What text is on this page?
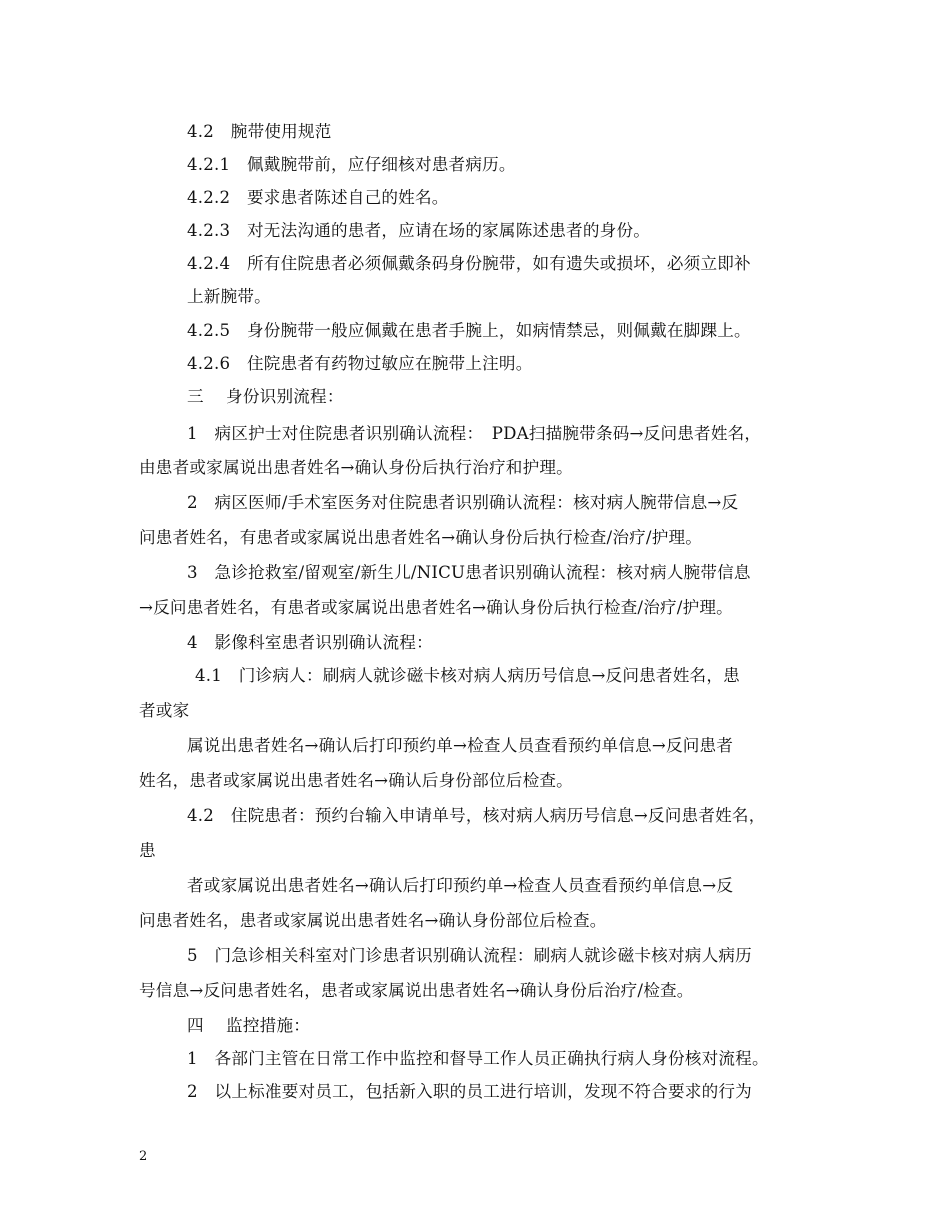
4.2　腕带使用规范
4.2.1　佩戴腕带前，应仔细核对患者病历。
4.2.2　要求患者陈述自己的姓名。
4.2.3　对无法沟通的患者，应请在场的家属陈述患者的身份。
4.2.4　所有住院患者必须佩戴条码身份腕带，如有遗失或损坏，必须立即补
上新腕带。
4.2.5　身份腕带一般应佩戴在患者手腕上，如病情禁忌，则佩戴在脚踝上。
4.2.6　住院患者有药物过敏应在腕带上注明。
三　 身份识别流程：
1　病区护士对住院患者识别确认流程：　PDA扫描腕带条码→反问患者姓名，
由患者或家属说出患者姓名→确认身份后执行治疗和护理。
2　病区医师/手术室医务对住院患者识别确认流程：核对病人腕带信息→反
问患者姓名，有患者或家属说出患者姓名→确认身份后执行检查/治疗/护理。
3　急诊抢救室/留观室/新生儿/NICU患者识别确认流程：核对病人腕带信息
→反问患者姓名，有患者或家属说出患者姓名→确认身份后执行检查/治疗/护理。
4　影像科室患者识别确认流程：
4.1　门诊病人：刷病人就诊磁卡核对病人病历号信息→反问患者姓名，患
者或家
属说出患者姓名→确认后打印预约单→检查人员查看预约单信息→反问患者
姓名，患者或家属说出患者姓名→确认后身份部位后检查。
4.2　住院患者：预约台输入申请单号，核对病人病历号信息→反问患者姓名，
患
者或家属说出患者姓名→确认后打印预约单→检查人员查看预约单信息→反
问患者姓名，患者或家属说出患者姓名→确认身份部位后检查。
5　门急诊相关科室对门诊患者识别确认流程：刷病人就诊磁卡核对病人病历
号信息→反问患者姓名，患者或家属说出患者姓名→确认身份后治疗/检查。
四　 监控措施：
1　各部门主管在日常工作中监控和督导工作人员正确执行病人身份核对流程。
2　以上标准要对员工，包括新入职的员工进行培训，发现不符合要求的行为
2
